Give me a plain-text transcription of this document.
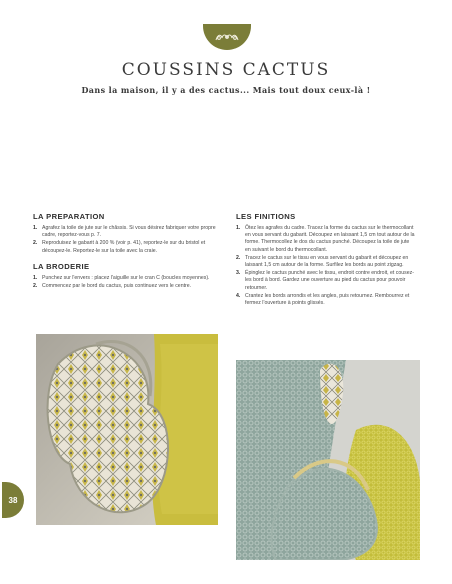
COUSSINS CACTUS
Dans la maison, il y a des cactus... Mais tout doux ceux-là !
LA PREPARATION
1. Agrafez la toile de jute sur le châssis. Si vous désirez fabriquer votre propre cadre, reportez-vous p. 7.
2. Reproduisez le gabarit à 200 % (voir p. 41), reportez-le sur du bristol et découpez-le. Reportez-le sur la toile avec la craie.
LA BRODERIE
1. Punchez sur l'envers : placez l'aiguille sur le cran C (boucles moyennes).
2. Commencez par le bord du cactus, puis continuez vers le centre.
LES FINITIONS
1. Ôtez les agrafes du cadre. Tracez la forme du cactus sur le thermocollant en vous servant du gabarit. Découpez en laissant 1,5 cm tout autour de la forme. Thermocollez le dos du cactus punché. Découpez la toile de jute en suivant le bord du thermocollant.
2. Tracez le cactus sur le tissu en vous servant du gabarit et découpez en laissant 1,5 cm autour de la forme. Surfilez les bords au point zigzag.
3. Épinglez le cactus punché avec le tissu, endroit contre endroit, et cousez-les bord à bord. Gardez une ouverture au pied du cactus pour pouvoir retourner.
4. Crantez les bords arrondis et les angles, puis retournez. Rembourrez et fermez l'ouverture à points glissés.
38
